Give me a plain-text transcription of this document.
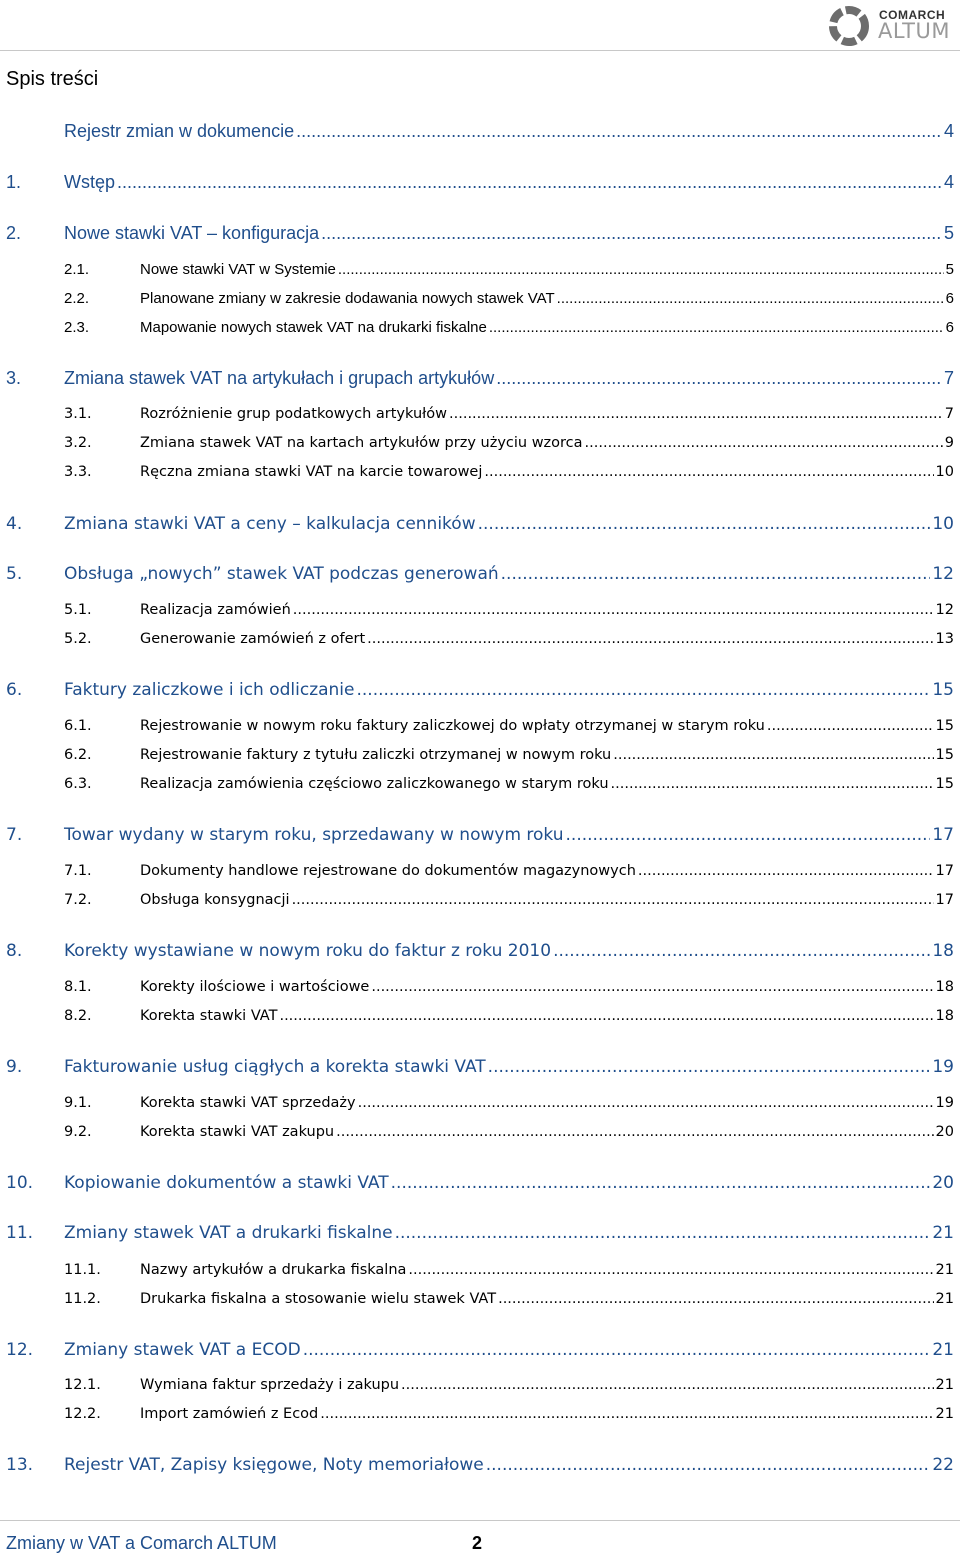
COMARCH
ALTUM
Spis treści
Rejestr zmian w dokumencie .....	4
1.	Wstęp .....	4
2.	Nowe stawki VAT – konfiguracja .....	5
2.1.	Nowe stawki VAT w Systemie .....	5
2.2.	Planowane zmiany w zakresie dodawania nowych stawek VAT .....	6
2.3.	Mapowanie nowych stawek VAT na drukarki fiskalne .....	6
3.	Zmiana stawek VAT na artykułach i grupach artykułów .....	7
3.1.	Rozróżnienie grup podatkowych artykułów .....	7
3.2.	Zmiana stawek VAT na kartach artykułów przy użyciu wzorca .....	9
3.3.	Ręczna zmiana stawki VAT na karcie towarowej .....	10
4.	Zmiana stawki VAT a ceny – kalkulacja cenników .....	10
5.	Obsługa „nowych” stawek VAT podczas generowań .....	12
5.1.	Realizacja zamówień .....	12
5.2.	Generowanie zamówień z ofert .....	13
6.	Faktury zaliczkowe i ich odliczanie .....	15
6.1.	Rejestrowanie w nowym roku faktury zaliczkowej do wpłaty otrzymanej w starym roku .....	15
6.2.	Rejestrowanie faktury z tytułu zaliczki otrzymanej w nowym roku .....	15
6.3.	Realizacja zamówienia częściowo zaliczkowanego w starym roku .....	15
7.	Towar wydany w starym roku, sprzedawany w nowym roku .....	17
7.1.	Dokumenty handlowe rejestrowane do dokumentów magazynowych .....	17
7.2.	Obsługa konsygnacji .....	17
8.	Korekty wystawiane w nowym roku do faktur z roku 2010 .....	18
8.1.	Korekty ilościowe i wartościowe .....	18
8.2.	Korekta stawki VAT .....	18
9.	Fakturowanie usług ciągłych a korekta stawki VAT .....	19
9.1.	Korekta stawki VAT sprzedaży .....	19
9.2.	Korekta stawki VAT zakupu .....	20
10.	Kopiowanie dokumentów a stawki VAT .....	20
11.	Zmiany stawek VAT a drukarki fiskalne .....	21
11.1.	Nazwy artykułów a drukarka fiskalna .....	21
11.2.	Drukarka fiskalna a stosowanie wielu stawek VAT .....	21
12.	Zmiany stawek VAT a ECOD .....	21
12.1.	Wymiana faktur sprzedaży i zakupu .....	21
12.2.	Import zamówień z Ecod .....	21
13.	Rejestr VAT, Zapisy księgowe, Noty memoriałowe .....	22
Zmiany w VAT a Comarch ALTUM	2
